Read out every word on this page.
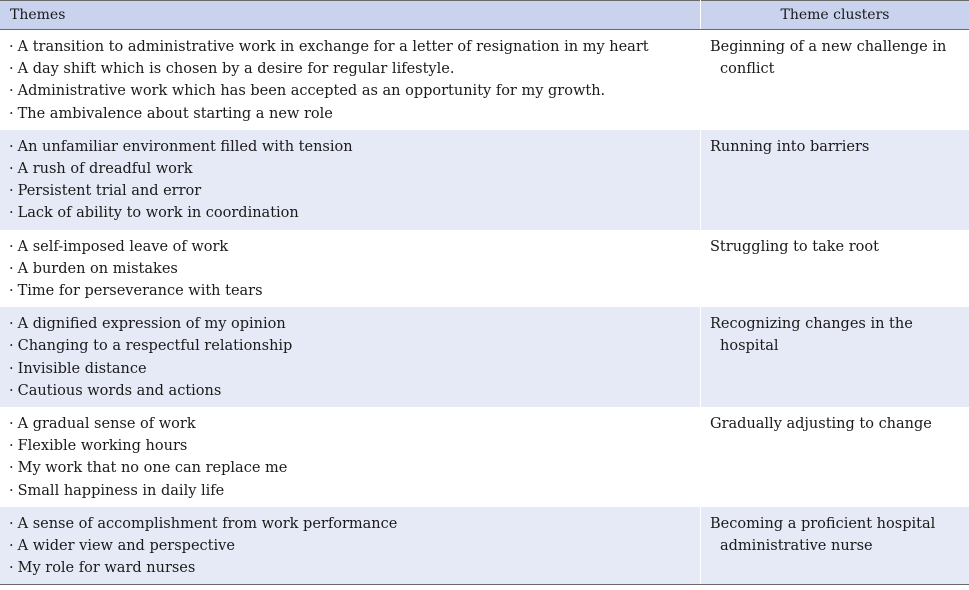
Themes	Theme clusters

· A transition to administrative work in exchange for a letter of resignation in my heart
· A day shift which is chosen by a desire for regular lifestyle.
· Administrative work which has been accepted as an opportunity for my growth.
· The ambivalence about starting a new role	Beginning of a new challenge in conflict

· An unfamiliar environment filled with tension
· A rush of dreadful work
· Persistent trial and error
· Lack of ability to work in coordination	Running into barriers

· A self-imposed leave of work
· A burden on mistakes
· Time for perseverance with tears	Struggling to take root

· A dignified expression of my opinion
· Changing to a respectful relationship
· Invisible distance
· Cautious words and actions	Recognizing changes in the hospital

· A gradual sense of work
· Flexible working hours
· My work that no one can replace me
· Small happiness in daily life	Gradually adjusting to change

· A sense of accomplishment from work performance
· A wider view and perspective
· My role for ward nurses	Becoming a proficient hospital administrative nurse
